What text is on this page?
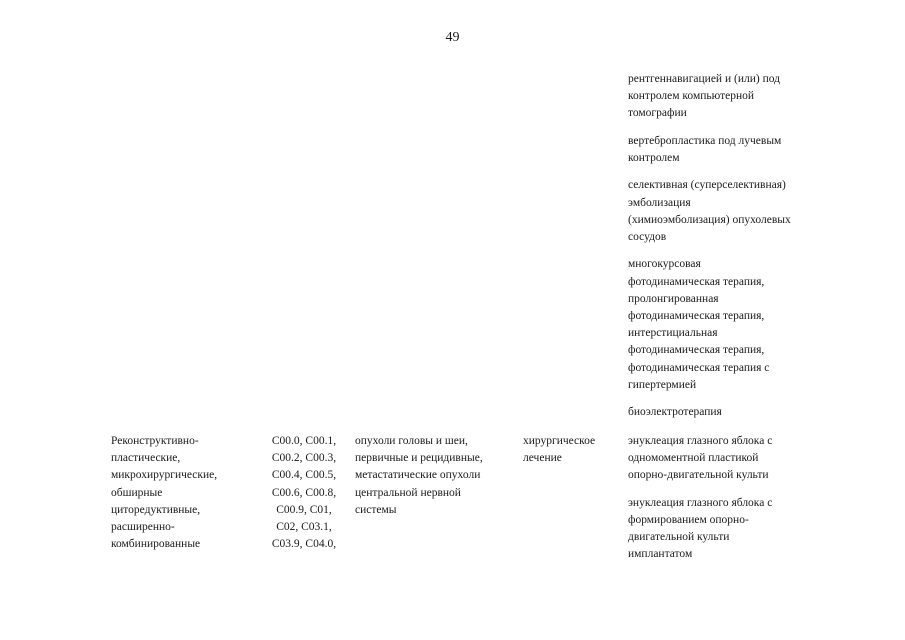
49

рентгеннавигацией и (или) под
контролем компьютерной
томографии

вертебропластика под лучевым
контролем

селективная (суперселективная)
эмболизация
(химиоэмболизация) опухолевых
сосудов

многокурсовая
фотодинамическая терапия,
пролонгированная
фотодинамическая терапия,
интерстициальная
фотодинамическая терапия,
фотодинамическая терапия с
гипертермией

биоэлектротерапия

Реконструктивно-
пластические,
микрохирургические,
обширные
циторедуктивные,
расширенно-
комбинированные

C00.0, C00.1,
C00.2, C00.3,
C00.4, C00.5,
C00.6, C00.8,
C00.9, C01,
C02, C03.1,
C03.9, C04.0,

опухоли головы и шеи,
первичные и рецидивные,
метастатические опухоли
центральной нервной
системы

хирургическое
лечение

энуклеация глазного яблока с
одномоментной пластикой
опорно-двигательной культи

энуклеация глазного яблока с
формированием опорно-
двигательной культи
имплантатом
